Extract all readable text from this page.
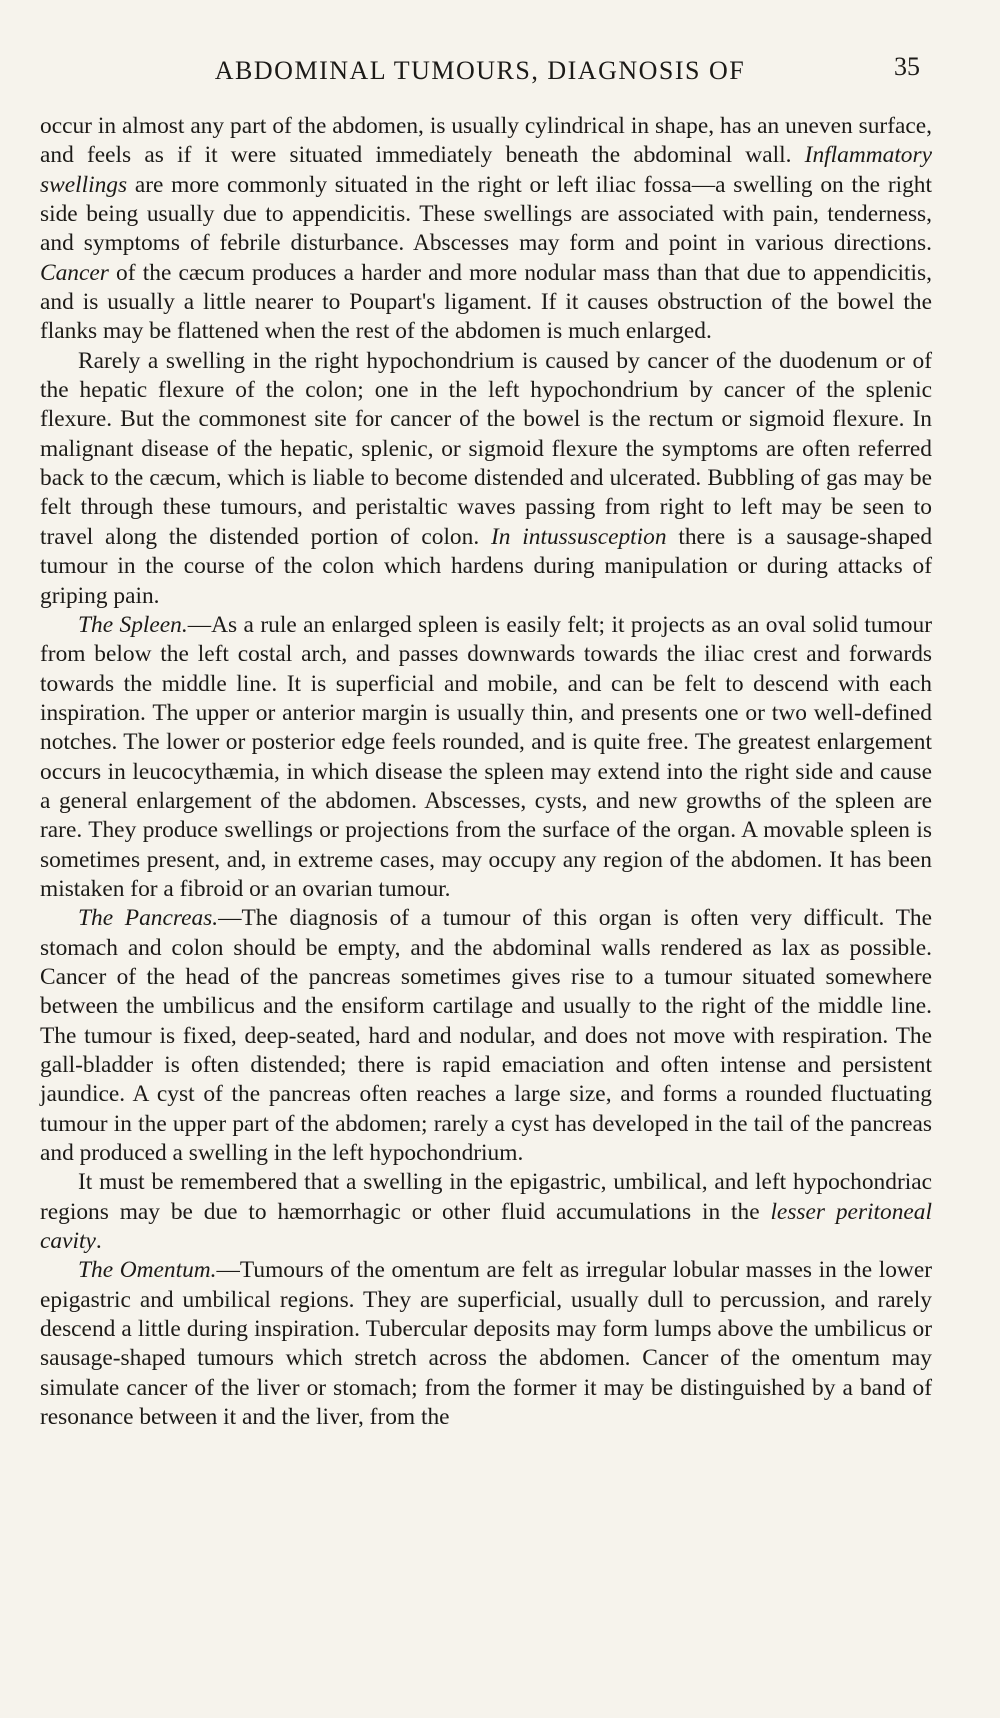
ABDOMINAL TUMOURS, DIAGNOSIS OF	35

occur in almost any part of the abdomen, is usually cylindrical in shape, has an uneven surface, and feels as if it were situated immediately beneath the abdominal wall. Inflammatory swellings are more commonly situated in the right or left iliac fossa—a swelling on the right side being usually due to appendicitis. These swellings are associated with pain, tenderness, and symptoms of febrile disturbance. Abscesses may form and point in various directions. Cancer of the cæcum produces a harder and more nodular mass than that due to appendicitis, and is usually a little nearer to Poupart's ligament. If it causes obstruction of the bowel the flanks may be flattened when the rest of the abdomen is much enlarged.

Rarely a swelling in the right hypochondrium is caused by cancer of the duodenum or of the hepatic flexure of the colon; one in the left hypochondrium by cancer of the splenic flexure. But the commonest site for cancer of the bowel is the rectum or sigmoid flexure. In malignant disease of the hepatic, splenic, or sigmoid flexure the symptoms are often referred back to the cæcum, which is liable to become distended and ulcerated. Bubbling of gas may be felt through these tumours, and peristaltic waves passing from right to left may be seen to travel along the distended portion of colon. In intussusception there is a sausage-shaped tumour in the course of the colon which hardens during manipulation or during attacks of griping pain.

The Spleen.—As a rule an enlarged spleen is easily felt; it projects as an oval solid tumour from below the left costal arch, and passes downwards towards the iliac crest and forwards towards the middle line. It is superficial and mobile, and can be felt to descend with each inspiration. The upper or anterior margin is usually thin, and presents one or two well-defined notches. The lower or posterior edge feels rounded, and is quite free. The greatest enlargement occurs in leucocythæmia, in which disease the spleen may extend into the right side and cause a general enlargement of the abdomen. Abscesses, cysts, and new growths of the spleen are rare. They produce swellings or projections from the surface of the organ. A movable spleen is sometimes present, and, in extreme cases, may occupy any region of the abdomen. It has been mistaken for a fibroid or an ovarian tumour.

The Pancreas.—The diagnosis of a tumour of this organ is often very difficult. The stomach and colon should be empty, and the abdominal walls rendered as lax as possible. Cancer of the head of the pancreas sometimes gives rise to a tumour situated somewhere between the umbilicus and the ensiform cartilage and usually to the right of the middle line. The tumour is fixed, deep-seated, hard and nodular, and does not move with respiration. The gall-bladder is often distended; there is rapid emaciation and often intense and persistent jaundice. A cyst of the pancreas often reaches a large size, and forms a rounded fluctuating tumour in the upper part of the abdomen; rarely a cyst has developed in the tail of the pancreas and produced a swelling in the left hypochondrium.

It must be remembered that a swelling in the epigastric, umbilical, and left hypochondriac regions may be due to hæmorrhagic or other fluid accumulations in the lesser peritoneal cavity.

The Omentum.—Tumours of the omentum are felt as irregular lobular masses in the lower epigastric and umbilical regions. They are superficial, usually dull to percussion, and rarely descend a little during inspiration. Tubercular deposits may form lumps above the umbilicus or sausage-shaped tumours which stretch across the abdomen. Cancer of the omentum may simulate cancer of the liver or stomach; from the former it may be distinguished by a band of resonance between it and the liver, from the
